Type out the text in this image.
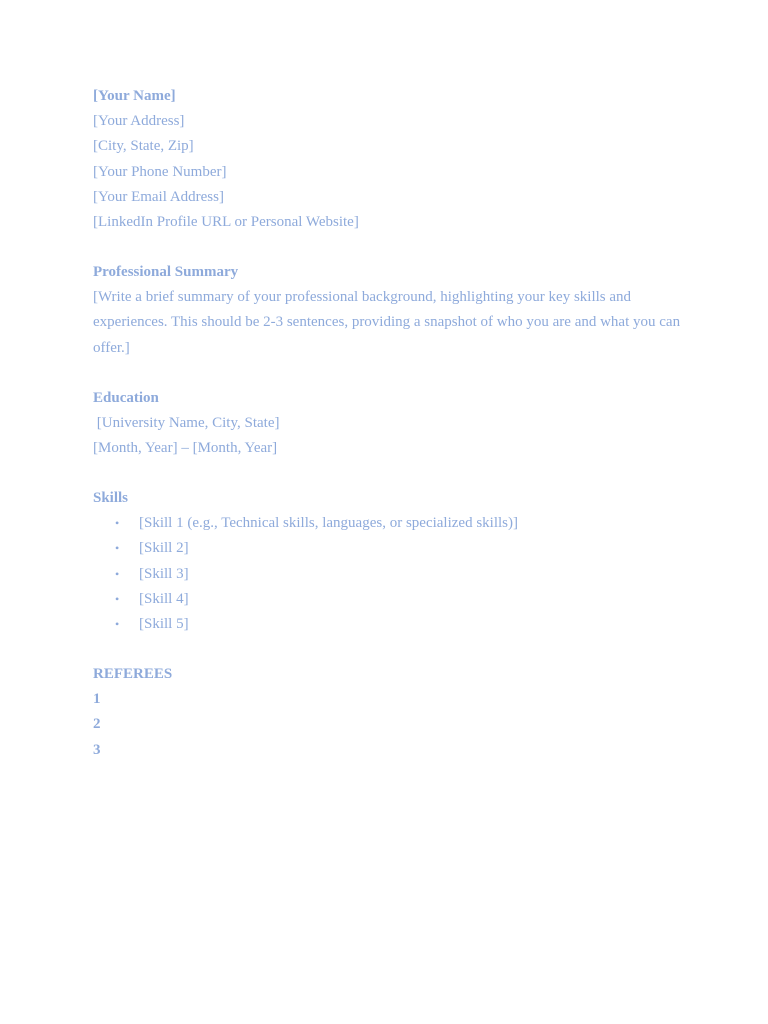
[Your Name]
[Your Address]
[City, State, Zip]
[Your Phone Number]
[Your Email Address]
[LinkedIn Profile URL or Personal Website]
Professional Summary
[Write a brief summary of your professional background, highlighting your key skills and experiences. This should be 2-3 sentences, providing a snapshot of who you are and what you can offer.]
Education
[University Name, City, State]
[Month, Year] – [Month, Year]
Skills
• [Skill 1 (e.g., Technical skills, languages, or specialized skills)]
• [Skill 2]
• [Skill 3]
• [Skill 4]
• [Skill 5]
REFEREES
1
2
3
